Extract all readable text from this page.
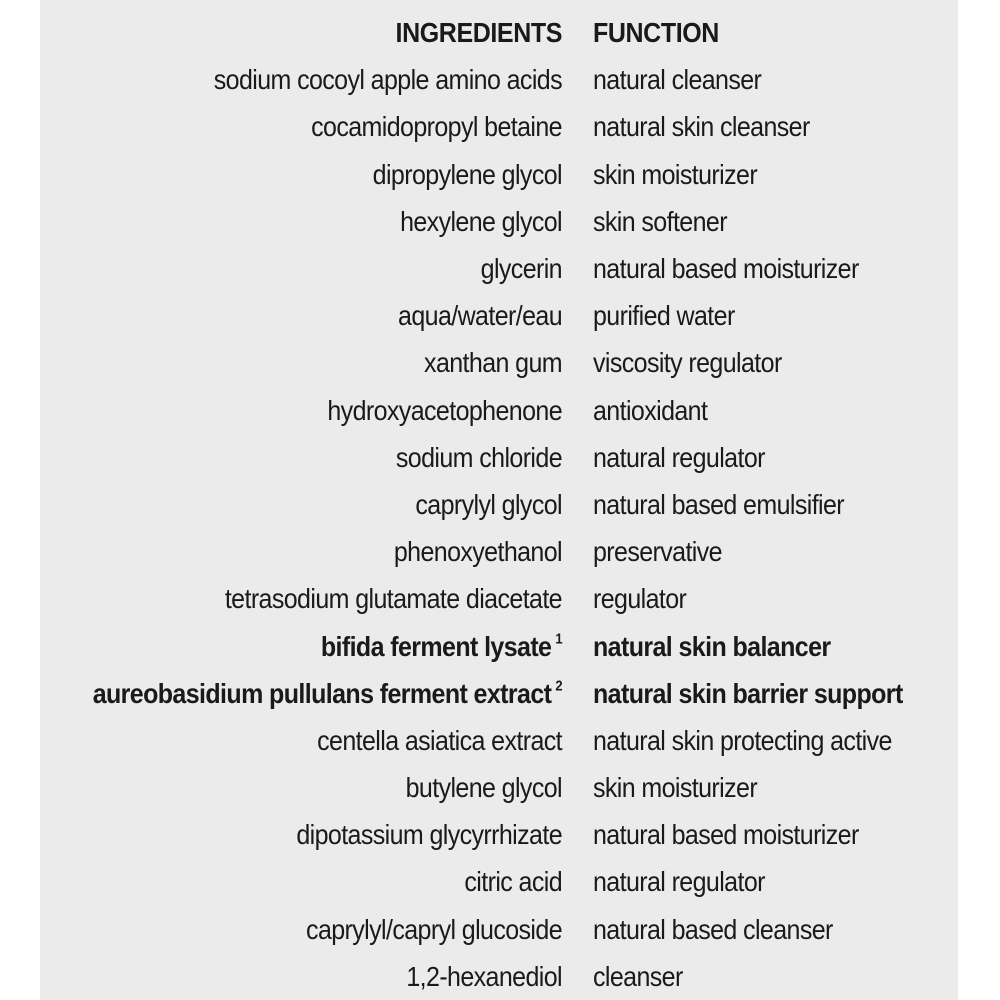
INGREDIENTS	FUNCTION
sodium cocoyl apple amino acids	natural cleanser
cocamidopropyl betaine	natural skin cleanser
dipropylene glycol	skin moisturizer
hexylene glycol	skin softener
glycerin	natural based moisturizer
aqua/water/eau	purified water
xanthan gum	viscosity regulator
hydroxyacetophenone	antioxidant
sodium chloride	natural regulator
caprylyl glycol	natural based emulsifier
phenoxyethanol	preservative
tetrasodium glutamate diacetate	regulator
bifida ferment lysate $^1$	natural skin balancer
aureobasidium pullulans ferment extract $^2$	natural skin barrier support
centella asiatica extract	natural skin protecting active
butylene glycol	skin moisturizer
dipotassium glycyrrhizate	natural based moisturizer
citric acid	natural regulator
caprylyl/capryl glucoside	natural based cleanser
1,2-hexanediol	cleanser
